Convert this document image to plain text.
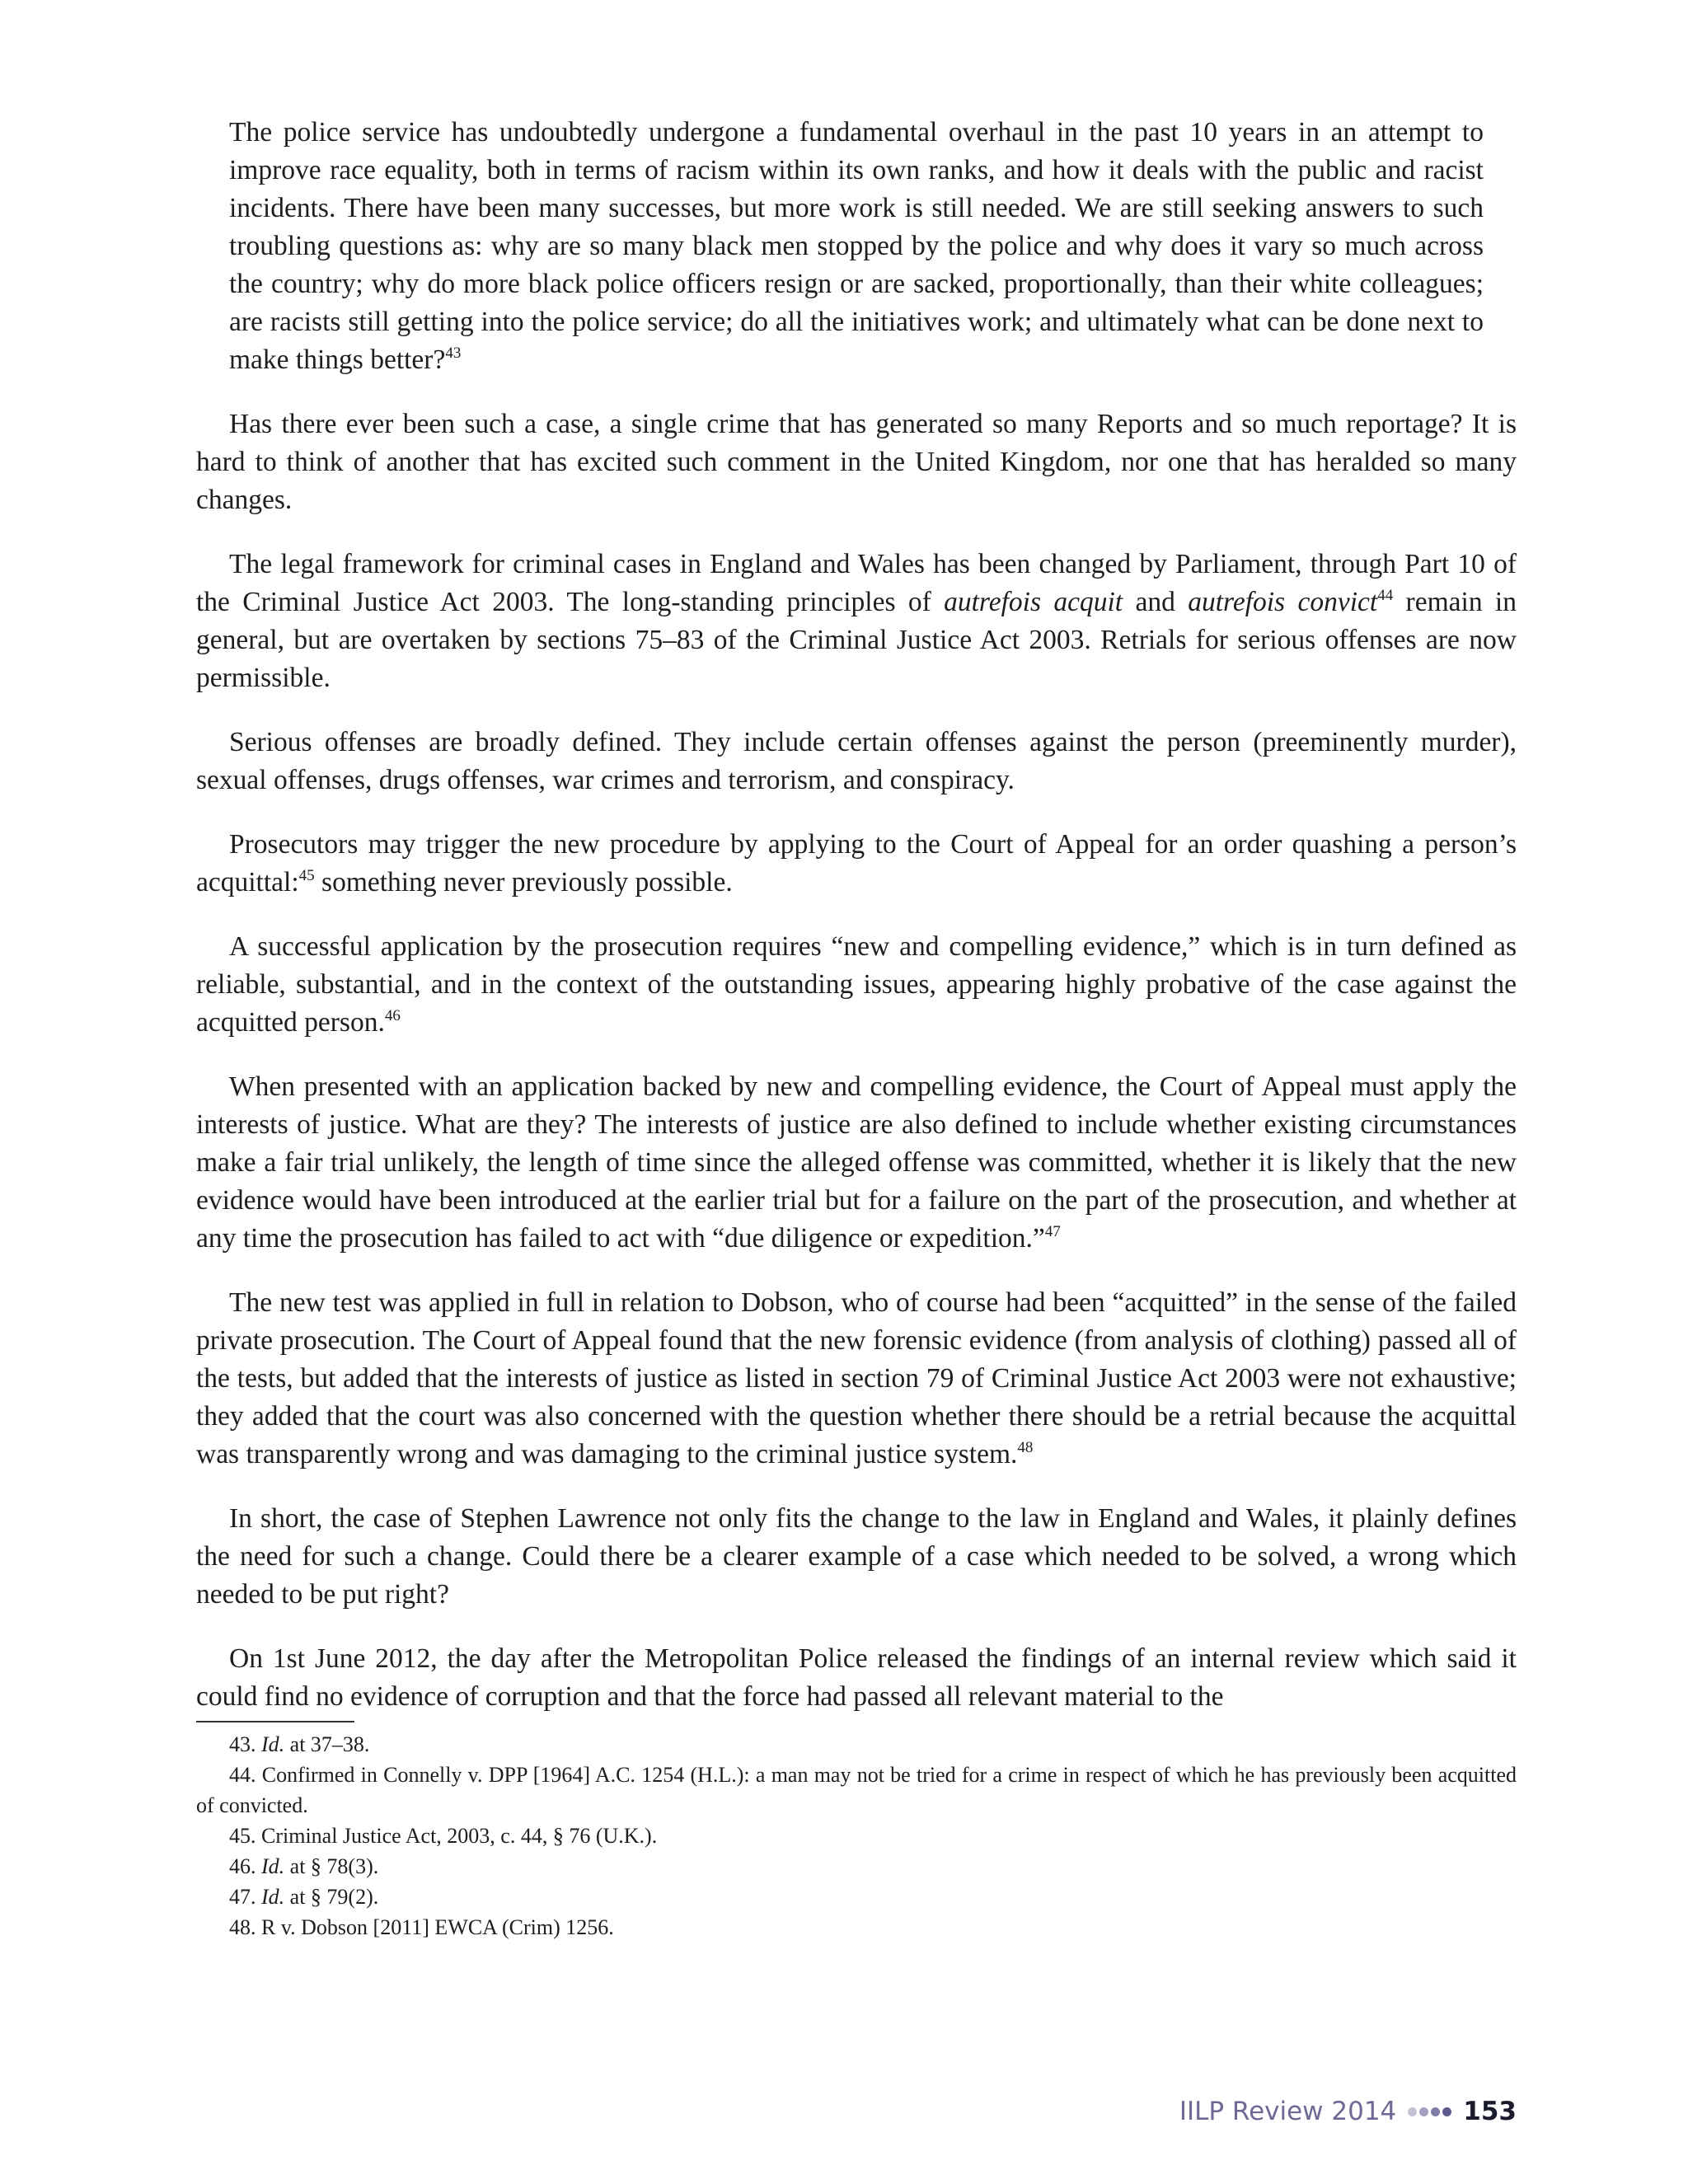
The police service has undoubtedly undergone a fundamental overhaul in the past 10 years in an attempt to improve race equality, both in terms of racism within its own ranks, and how it deals with the public and racist incidents. There have been many successes, but more work is still needed. We are still seeking answers to such troubling questions as: why are so many black men stopped by the police and why does it vary so much across the country; why do more black police officers resign or are sacked, proportionally, than their white colleagues; are racists still getting into the police service; do all the initiatives work; and ultimately what can be done next to make things better?$^{43}$

Has there ever been such a case, a single crime that has generated so many Reports and so much reportage? It is hard to think of another that has excited such comment in the United Kingdom, nor one that has heralded so many changes.

The legal framework for criminal cases in England and Wales has been changed by Parliament, through Part 10 of the Criminal Justice Act 2003. The long-standing principles of autrefois acquit and autrefois convict$^{44}$ remain in general, but are overtaken by sections 75–83 of the Criminal Justice Act 2003. Retrials for serious offenses are now permissible.

Serious offenses are broadly defined. They include certain offenses against the person (preeminently murder), sexual offenses, drugs offenses, war crimes and terrorism, and conspiracy.

Prosecutors may trigger the new procedure by applying to the Court of Appeal for an order quashing a person’s acquittal:$^{45}$ something never previously possible.

A successful application by the prosecution requires “new and compelling evidence,” which is in turn defined as reliable, substantial, and in the context of the outstanding issues, appearing highly probative of the case against the acquitted person.$^{46}$

When presented with an application backed by new and compelling evidence, the Court of Appeal must apply the interests of justice. What are they? The interests of justice are also defined to include whether existing circumstances make a fair trial unlikely, the length of time since the alleged offense was committed, whether it is likely that the new evidence would have been introduced at the earlier trial but for a failure on the part of the prosecution, and whether at any time the prosecution has failed to act with “due diligence or expedition.”$^{47}$

The new test was applied in full in relation to Dobson, who of course had been “acquitted” in the sense of the failed private prosecution. The Court of Appeal found that the new forensic evidence (from analysis of clothing) passed all of the tests, but added that the interests of justice as listed in section 79 of Criminal Justice Act 2003 were not exhaustive; they added that the court was also concerned with the question whether there should be a retrial because the acquittal was transparently wrong and was damaging to the criminal justice system.$^{48}$

In short, the case of Stephen Lawrence not only fits the change to the law in England and Wales, it plainly defines the need for such a change. Could there be a clearer example of a case which needed to be solved, a wrong which needed to be put right?

On 1st June 2012, the day after the Metropolitan Police released the findings of an internal review which said it could find no evidence of corruption and that the force had passed all relevant material to the

43. Id. at 37–38.
44. Confirmed in Connelly v. DPP [1964] A.C. 1254 (H.L.): a man may not be tried for a crime in respect of which he has previously been acquitted of convicted.
45. Criminal Justice Act, 2003, c. 44, § 76 (U.K.).
46. Id. at § 78(3).
47. Id. at § 79(2).
48. R v. Dobson [2011] EWCA (Crim) 1256.
IILP Review 2014	153
